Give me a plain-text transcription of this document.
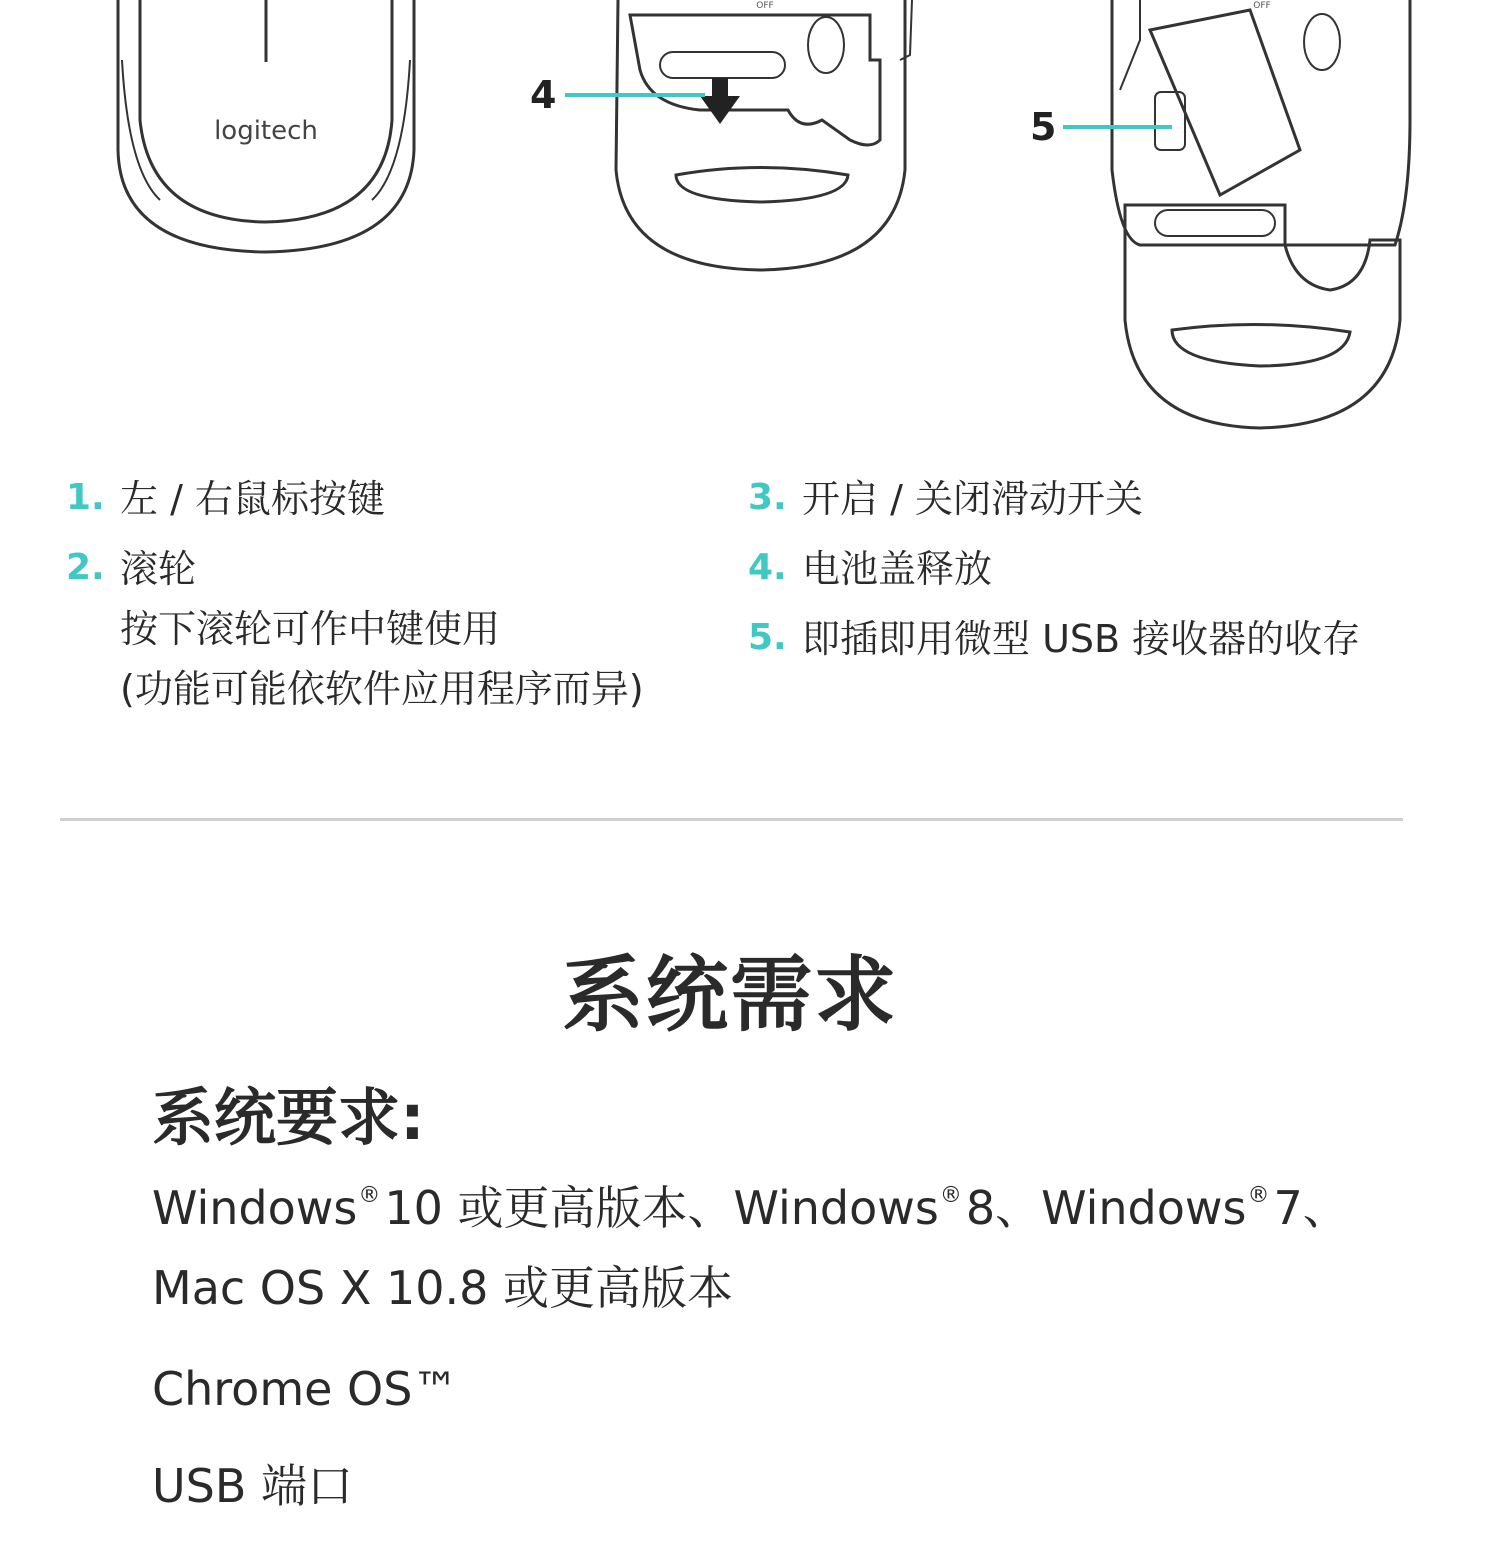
logitech
OFF
4
OFF
5
1. 左 / 右鼠标按键
2. 滚轮
按下滚轮可作中键使用
(功能可能依软件应用程序而异)
3. 开启 / 关闭滑动开关
4. 电池盖释放
5. 即插即用微型 USB 接收器的收存
系统需求
系统要求:
Windows®10 或更高版本、Windows®8、Windows®7、
Mac OS X 10.8 或更高版本
Chrome OS™
USB 端口
